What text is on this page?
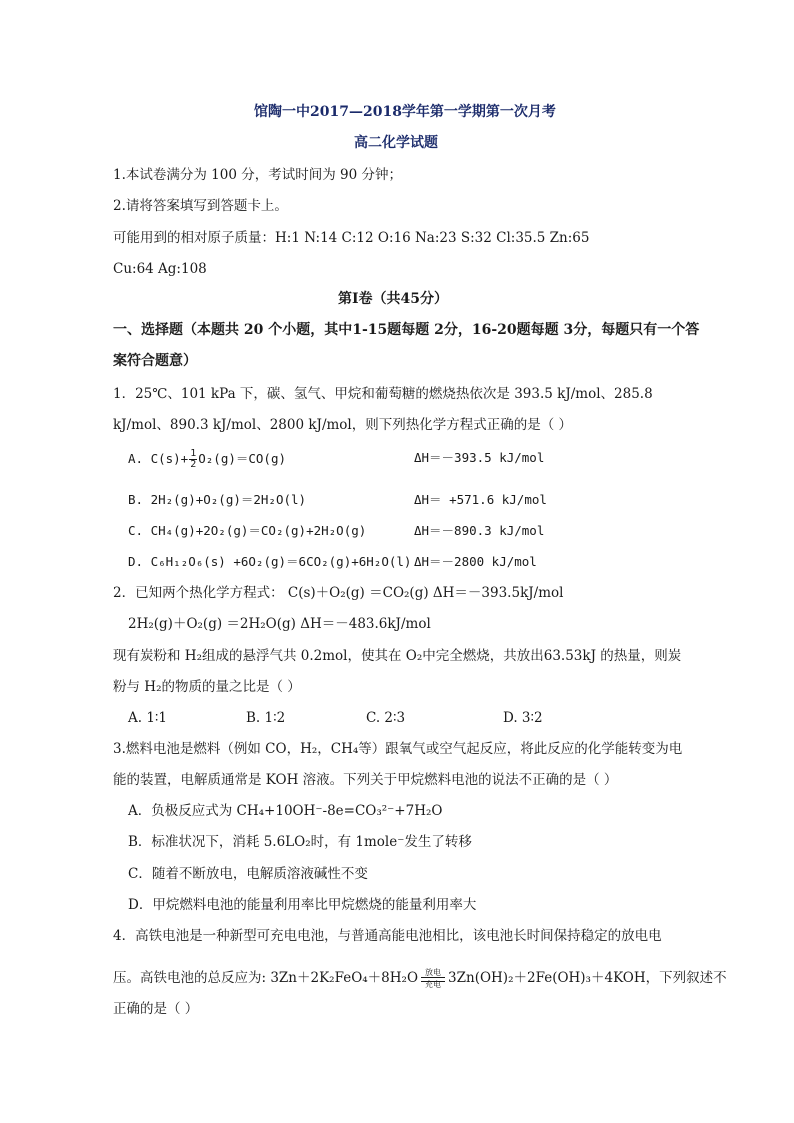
馆陶一中2017—2018学年第一学期第一次月考
高二化学试题
1.本试卷满分为 100 分，考试时间为 90 分钟；
2.请将答案填写到答题卡上。
可能用到的相对原子质量：H:1 N:14 C:12 O:16 Na:23 S:32 Cl:35.5 Zn:65
Cu:64 Ag:108
第Ⅰ卷（共45分）
一、选择题（本题共 20 个小题，其中1-15题每题 2分，16-20题每题 3分，每题只有一个答
案符合题意）
1．25℃、101 kPa 下，碳、氢气、甲烷和葡萄糖的燃烧热依次是 393.5 kJ/mol、285.8
kJ/mol、890.3 kJ/mol、2800 kJ/mol，则下列热化学方程式正确的是（ ）
A. $C(s)+ \frac{1}{2} O_2(g)=CO(g)$	ΔH＝－393.5 kJ/mol
B. 2H₂(g)+O₂(g)＝2H₂O(l)	ΔH＝ +571.6 kJ/mol
C. CH₄(g)+2O₂(g)＝CO₂(g)+2H₂O(g)	ΔH＝－890.3 kJ/mol
D. C₆H₁₂O₆(s) +6O₂(g)＝6CO₂(g)+6H₂O(l) ΔH＝－2800 kJ/mol
2．已知两个热化学方程式： C(s)＋O₂(g) ＝CO₂(g) ΔH＝－393.5kJ/mol
2H₂(g)＋O₂(g) ＝2H₂O(g) ΔH＝－483.6kJ/mol
现有炭粉和 H₂组成的悬浮气共 0.2mol，使其在 O₂中完全燃烧，共放出63.53kJ 的热量，则炭
粉与 H₂的物质的量之比是（ ）
A. 1∶1	B. 1∶2	C. 2∶3	D. 3∶2
3.燃料电池是燃料（例如 CO，H₂，CH₄等）跟氧气或空气起反应，将此反应的化学能转变为电
能的装置，电解质通常是 KOH 溶液。下列关于甲烷燃料电池的说法不正确的是（ ）
A．负极反应式为 CH₄+10OH⁻-8e=CO₃²⁻+7H₂O
B．标准状况下，消耗 5.6LO₂时，有 1mole⁻发生了转移
C．随着不断放电，电解质溶液碱性不变
D．甲烷燃料电池的能量利用率比甲烷燃烧的能量利用率大
4．高铁电池是一种新型可充电电池，与普通高能电池相比，该电池长时间保持稳定的放电电
压。高铁电池的总反应为: 3Zn＋2K₂FeO₄＋8H₂O 放电
充电 3Zn(OH)₂＋2Fe(OH)₃＋4KOH，下列叙述不
正确的是（ ）
